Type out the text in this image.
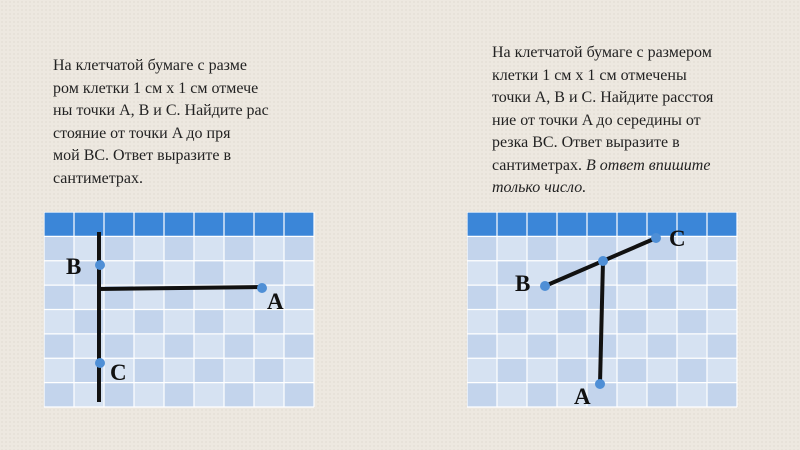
На клетчатой бумаге с разме
ром клетки 1 см х 1 см отмече
ны точки A, B и C. Найдите рас
стояние от точки A до пря
мой BC. Ответ выразите в
сантиметрах.
На клетчатой бумаге с размером
клетки 1 см х 1 см отмечены
точки A, B и C. Найдите расстоя
ние от точки A до середины от
резка BC. Ответ выразите в
сантиметрах. В ответ впишите
только число.
B
A
C
B
C
A
